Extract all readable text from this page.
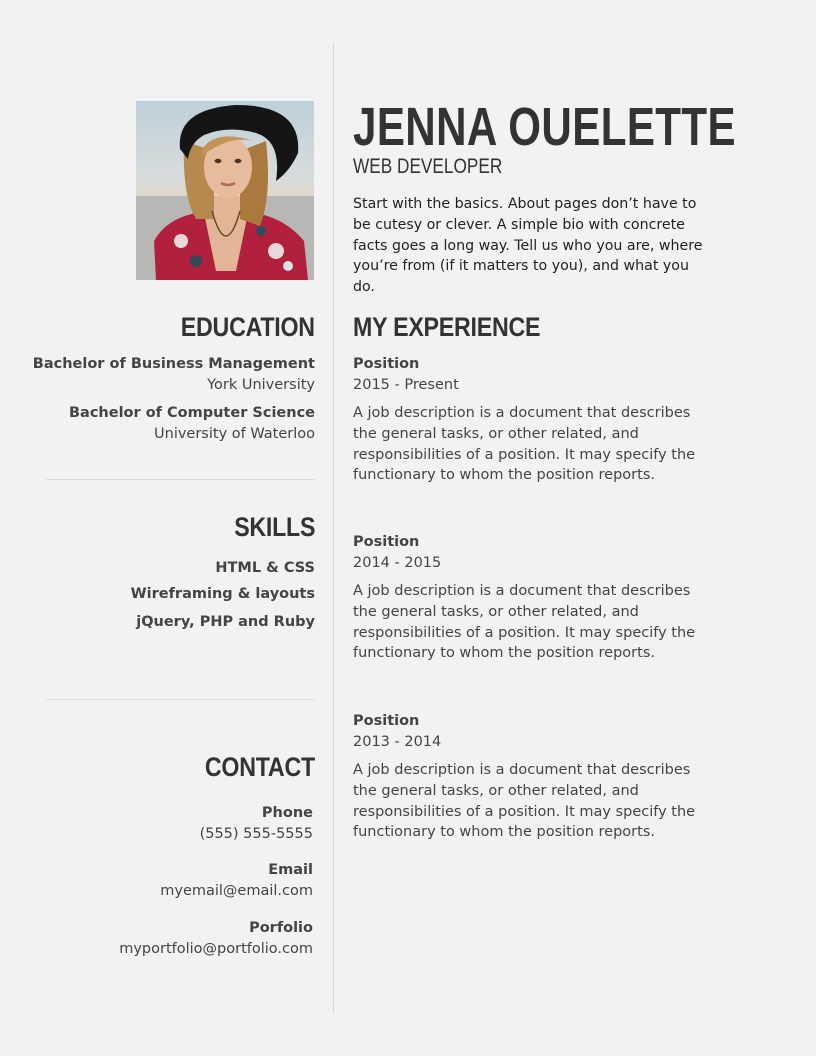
JENNA OUELETTE
WEB DEVELOPER

Start with the basics. About pages don’t have to be cutesy or clever. A simple bio with concrete facts goes a long way. Tell us who you are, where you’re from (if it matters to you), and what you do.

EDUCATION
Bachelor of Business Management
York University
Bachelor of Computer Science
University of Waterloo
SKILLS
HTML & CSS
Wireframing & layouts
jQuery, PHP and Ruby
CONTACT
Phone
(555) 555-5555
Email
myemail@email.com
Porfolio
myportfolio@portfolio.com
MY EXPERIENCE
Position
2015 - Present

A job description is a document that describes the general tasks, or other related, and responsibilities of a position. It may specify the functionary to whom the position reports.

Position
2014 - 2015

A job description is a document that describes the general tasks, or other related, and responsibilities of a position. It may specify the functionary to whom the position reports.

Position
2013 - 2014

A job description is a document that describes the general tasks, or other related, and responsibilities of a position. It may specify the functionary to whom the position reports.
